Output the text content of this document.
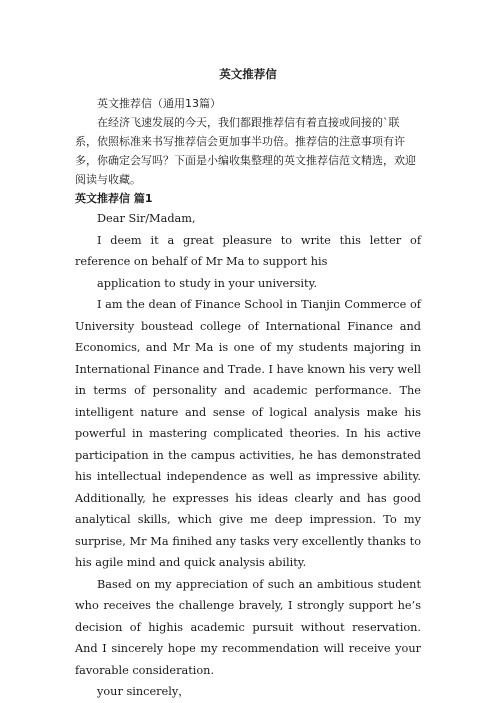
英文推荐信

英文推荐信（通用13篇）

在经济飞速发展的今天，我们都跟推荐信有着直接或间接的`联系，依照标准来书写推荐信会更加事半功倍。推荐信的注意事项有许多，你确定会写吗？下面是小编收集整理的英文推荐信范文精选，欢迎阅读与收藏。

英文推荐信 篇1

Dear Sir/Madam,

I deem it a great pleasure to write this letter of reference on behalf of Mr Ma to support his

application to study in your university.

I am the dean of Finance School in Tianjin Commerce of University boustead college of International Finance and Economics, and Mr Ma is one of my students majoring in International Finance and Trade. I have known his very well in terms of personality and academic performance. The intelligent nature and sense of logical analysis make his powerful in mastering complicated theories. In his active participation in the campus activities, he has demonstrated his intellectual independence as well as impressive ability. Additionally, he expresses his ideas clearly and has good analytical skills, which give me deep impression. To my surprise, Mr Ma finihed any tasks very excellently thanks to his agile mind and quick analysis ability.

Based on my appreciation of such an ambitious student who receives the challenge bravely, I strongly support he’s decision of highis academic pursuit without reservation. And I sincerely hope my recommendation will receive your favorable consideration.

your sincerely，
